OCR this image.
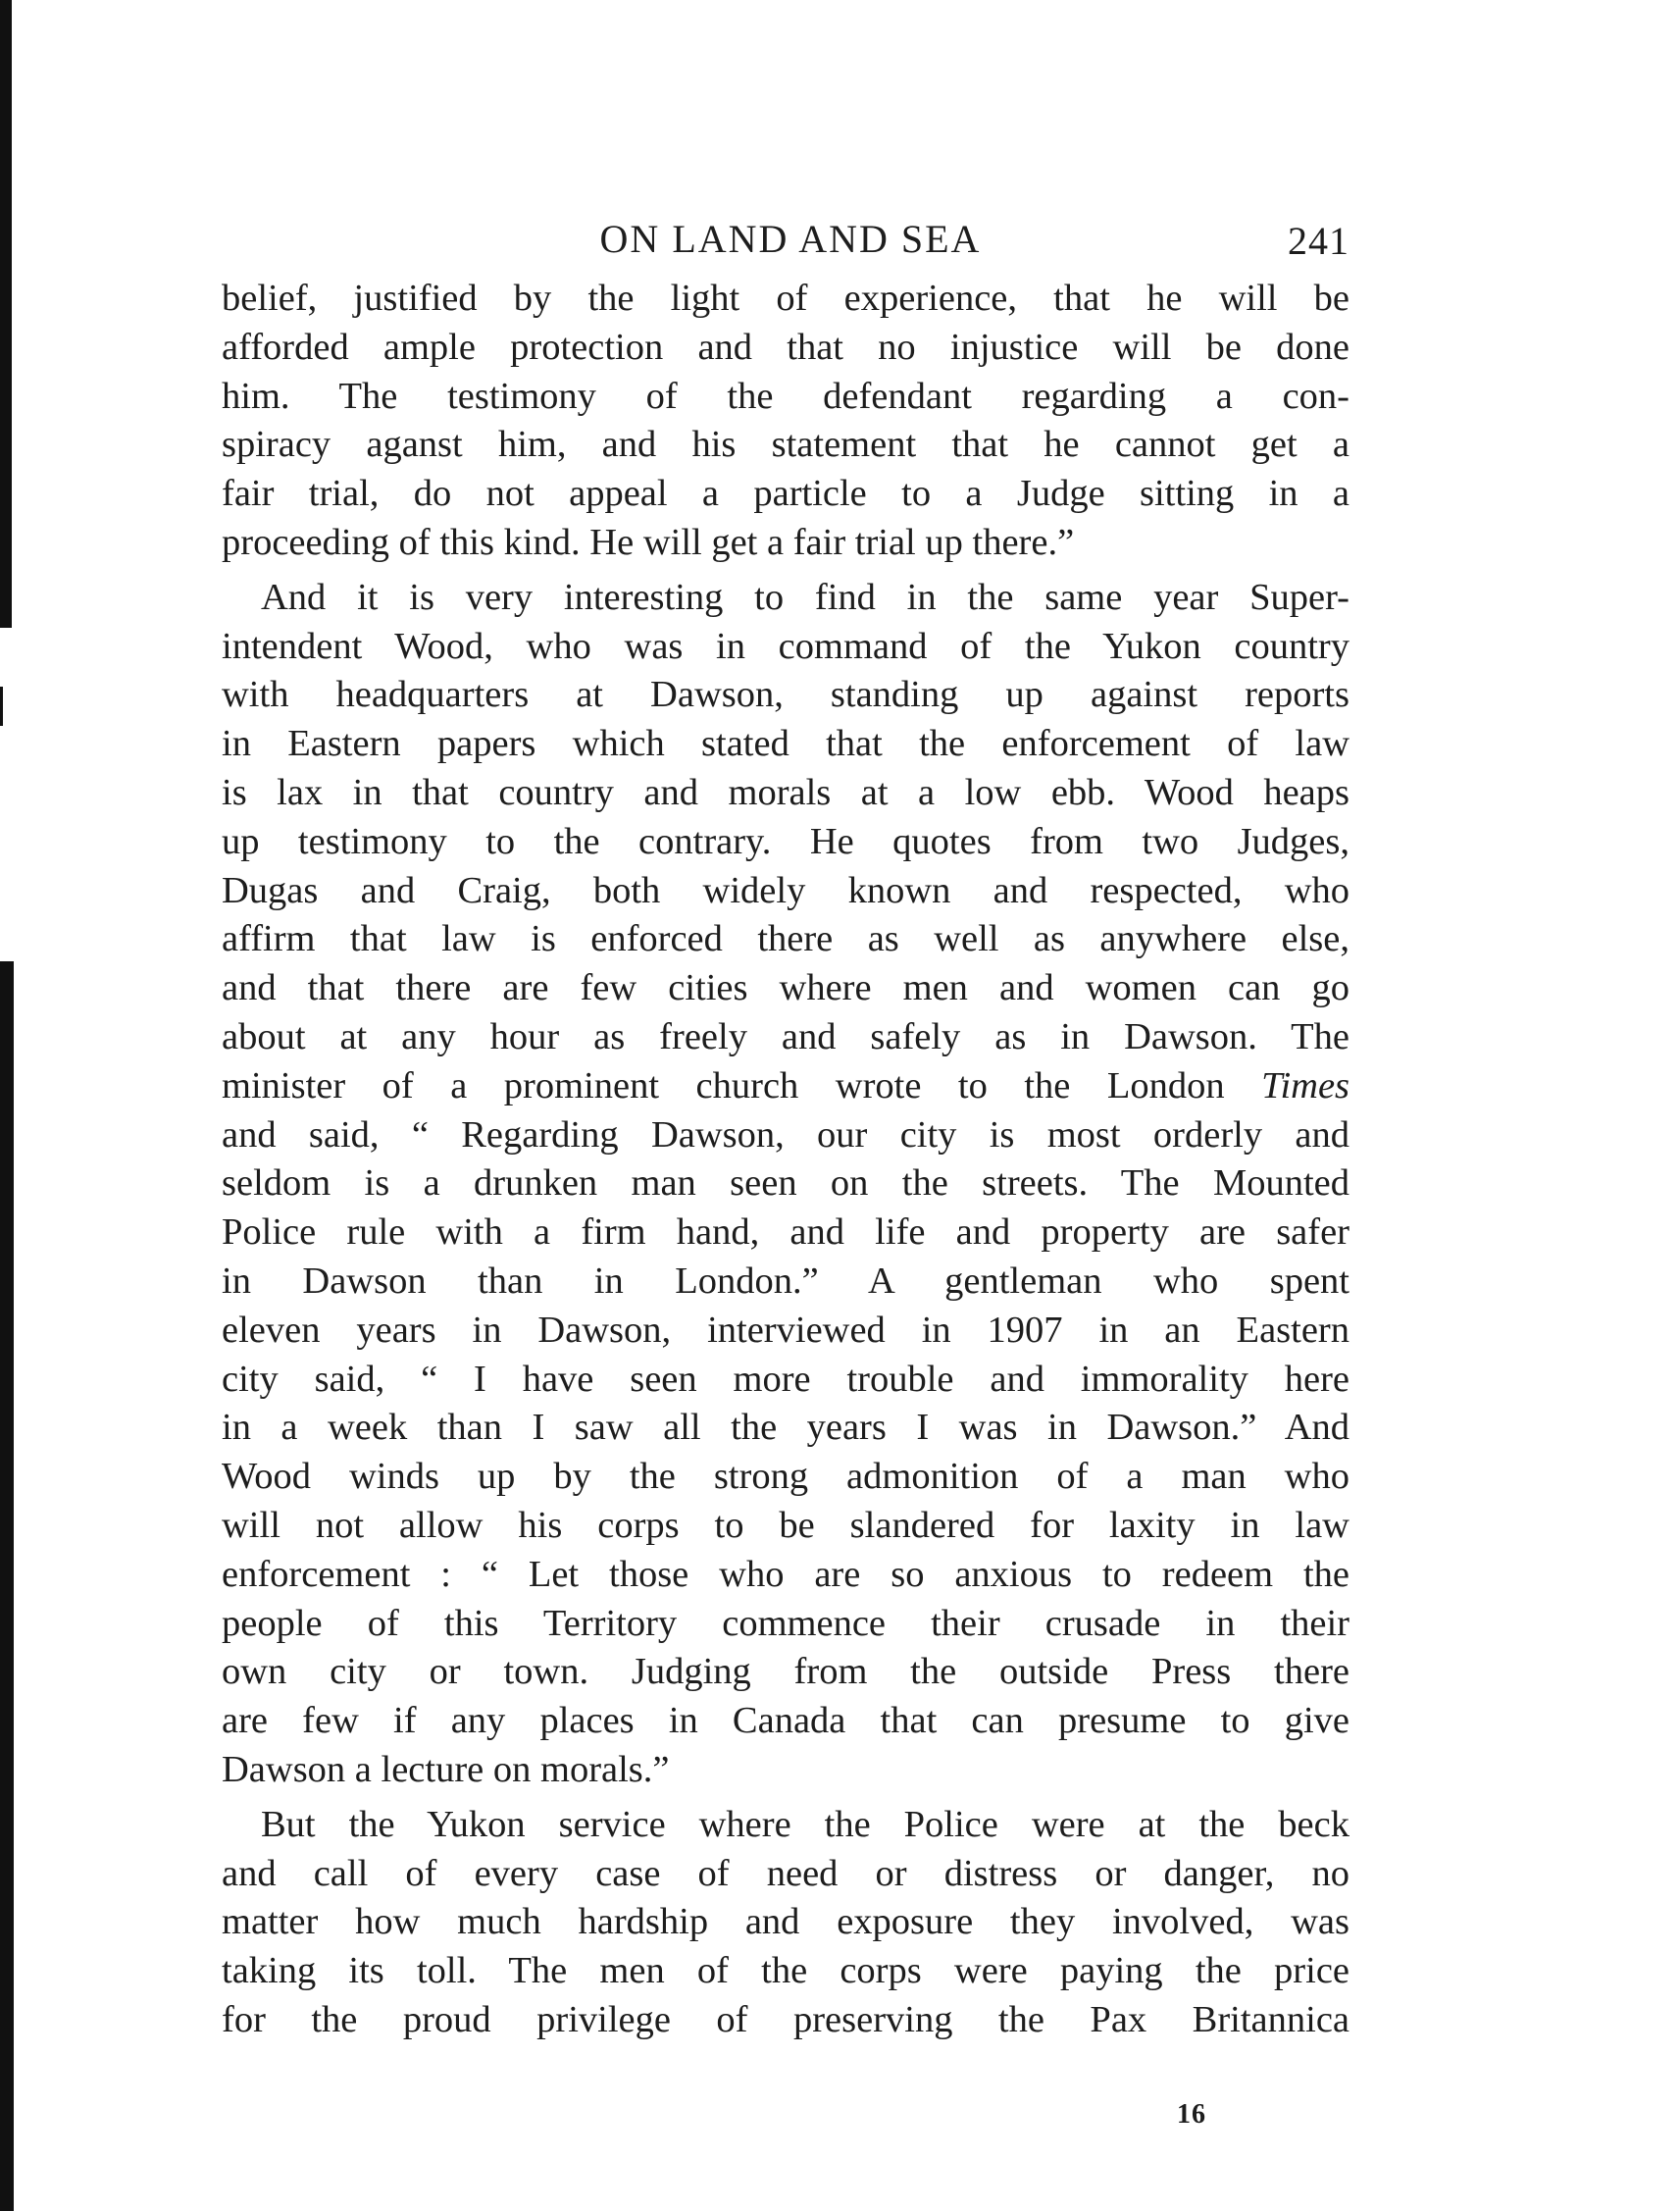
ON LAND AND SEA	241

belief, justified by the light of experience, that he will be
afforded ample protection and that no injustice will be done
him. The testimony of the defendant regarding a con-
spiracy aganst him, and his statement that he cannot get a
fair trial, do not appeal a particle to a Judge sitting in a
proceeding of this kind. He will get a fair trial up there.”

And it is very interesting to find in the same year Super-
intendent Wood, who was in command of the Yukon country
with headquarters at Dawson, standing up against reports
in Eastern papers which stated that the enforcement of law
is lax in that country and morals at a low ebb. Wood heaps
up testimony to the contrary. He quotes from two Judges,
Dugas and Craig, both widely known and respected, who
affirm that law is enforced there as well as anywhere else,
and that there are few cities where men and women can go
about at any hour as freely and safely as in Dawson. The
minister of a prominent church wrote to the London Times
and said, “ Regarding Dawson, our city is most orderly and
seldom is a drunken man seen on the streets. The Mounted
Police rule with a firm hand, and life and property are safer
in Dawson than in London.” A gentleman who spent
eleven years in Dawson, interviewed in 1907 in an Eastern
city said, “ I have seen more trouble and immorality here
in a week than I saw all the years I was in Dawson.” And
Wood winds up by the strong admonition of a man who
will not allow his corps to be slandered for laxity in law
enforcement : “ Let those who are so anxious to redeem the
people of this Territory commence their crusade in their
own city or town. Judging from the outside Press there
are few if any places in Canada that can presume to give
Dawson a lecture on morals.”

But the Yukon service where the Police were at the beck
and call of every case of need or distress or danger, no
matter how much hardship and exposure they involved, was
taking its toll. The men of the corps were paying the price
for the proud privilege of preserving the Pax Britannica

16
